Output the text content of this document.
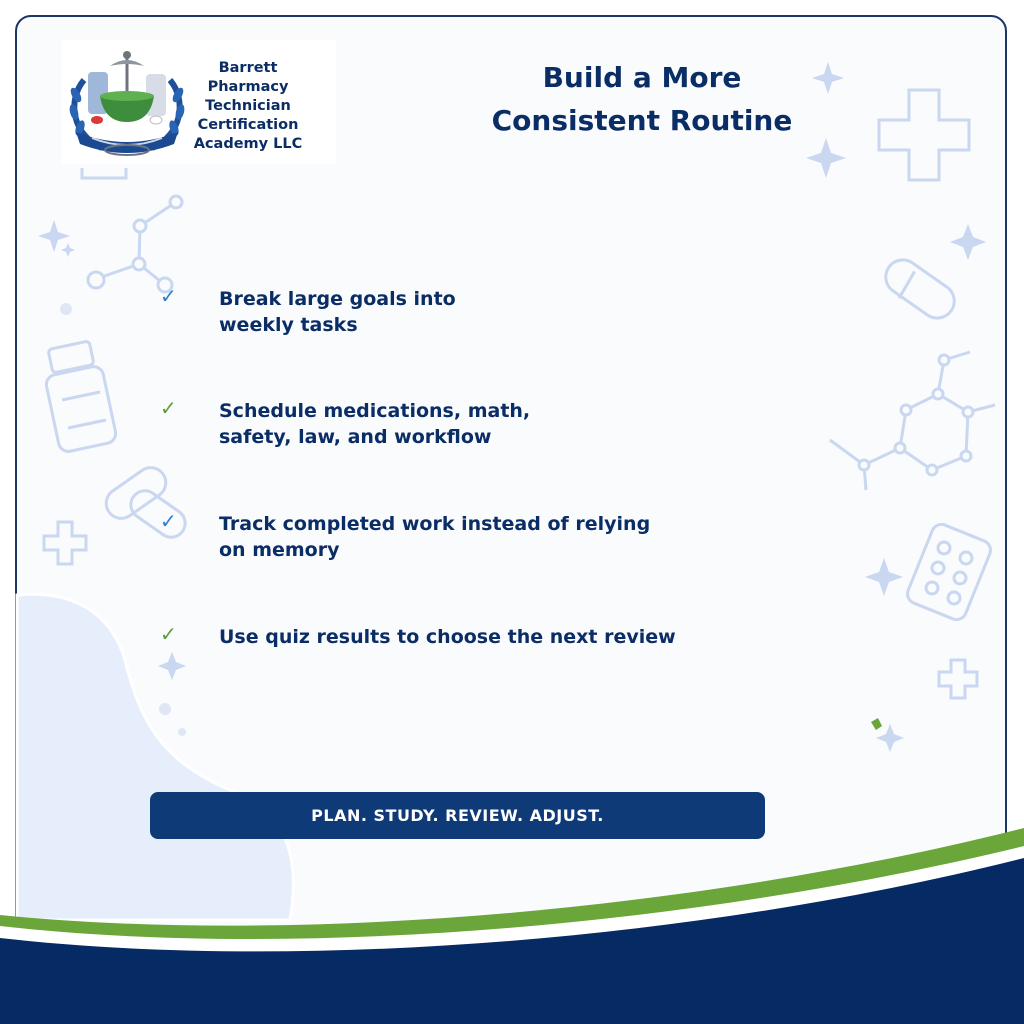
Barrett
Pharmacy
Technician
Certification
Academy LLC
Build a More
Consistent Routine
✓ Break large goals into
weekly tasks
✓ Schedule medications, math,
safety, law, and workflow
✓ Track completed work instead of relying
on memory
✓ Use quiz results to choose the next review
PLAN. STUDY. REVIEW. ADJUST.
